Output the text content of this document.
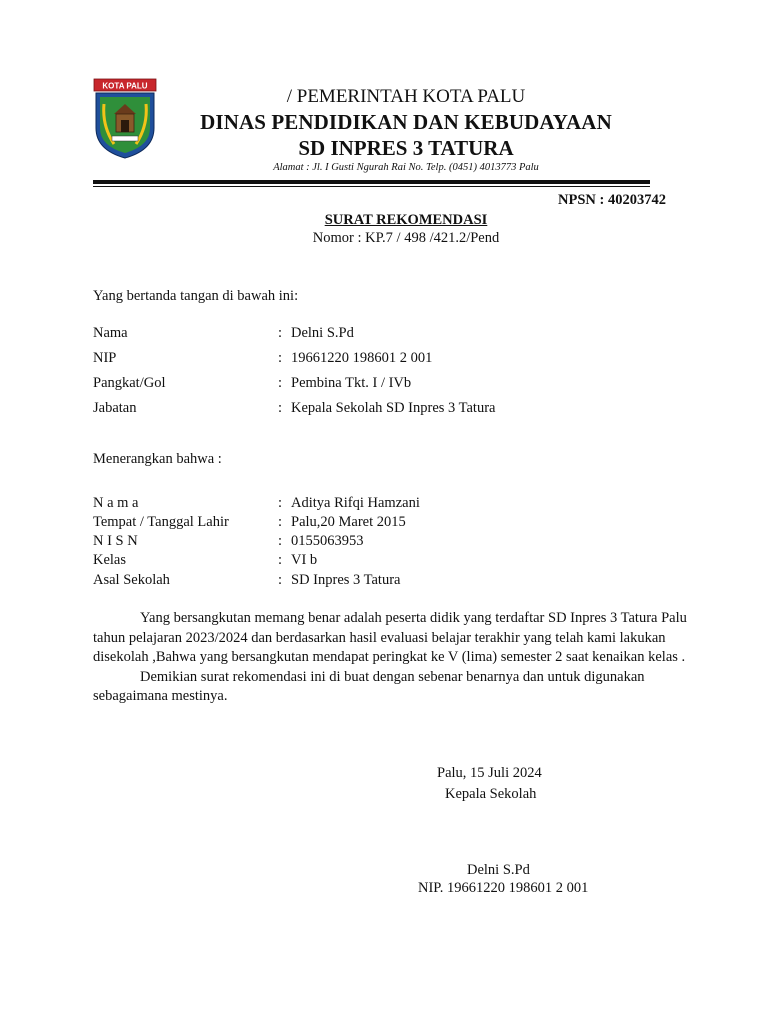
KOTA PALU	/ PEMERINTAH KOTA PALU
DINAS PENDIDIKAN DAN KEBUDAYAAN
SD INPRES 3 TATURA
Alamat : Jl. I Gusti Ngurah Rai No. Telp. (0451) 4013773 Palu
NPSN : 40203742
SURAT REKOMENDASI
Nomor : KP.7 / 498 /421.2/Pend
Yang bertanda tangan di bawah ini:
Nama	: Delni S.Pd
NIP	: 19661220 198601 2 001
Pangkat/Gol	: Pembina Tkt. I / IVb
Jabatan	: Kepala Sekolah SD Inpres 3 Tatura
Menerangkan bahwa :
N a m a	: Aditya Rifqi Hamzani
Tempat / Tanggal Lahir	: Palu,20 Maret 2015
N I S N	: 0155063953
Kelas	: VI b
Asal Sekolah	: SD Inpres 3 Tatura

Yang bersangkutan memang benar adalah peserta didik yang terdaftar SD Inpres 3 Tatura Palu tahun pelajaran 2023/2024 dan berdasarkan hasil evaluasi belajar terakhir yang telah kami lakukan disekolah ,Bahwa yang bersangkutan mendapat peringkat ke V (lima) semester 2 saat kenaikan kelas .

Demikian surat rekomendasi ini di buat dengan sebenar benarnya dan untuk digunakan sebagaimana mestinya.

Palu, 15 Juli 2024
Kepala Sekolah
Delni S.Pd
NIP. 19661220 198601 2 001
